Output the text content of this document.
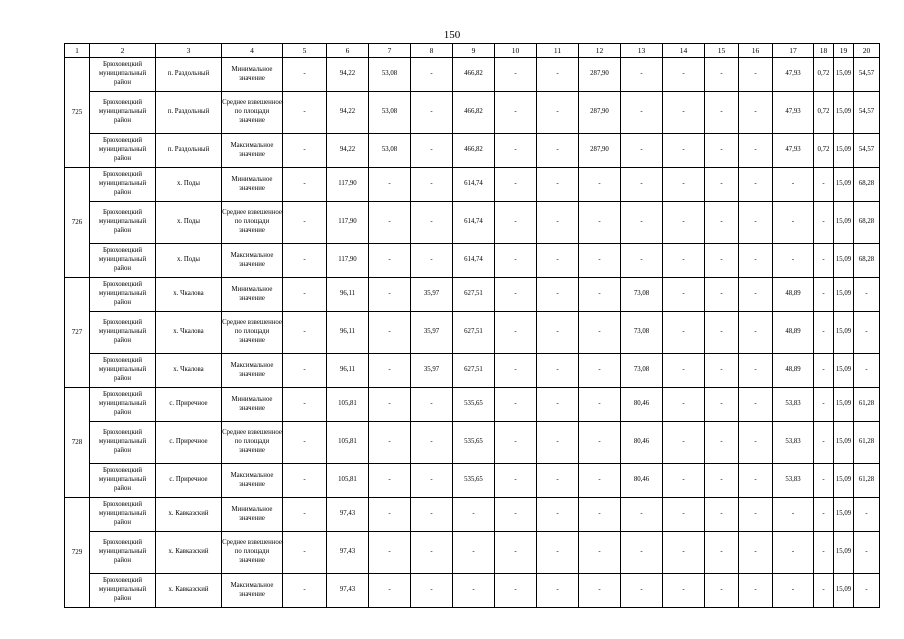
150
1	2	3	4	5	6	7	8	9	10	11	12	13	14	15	16	17	18	19	20
725	Брюховецкий муниципальный район	п. Раздольный	Минимальное значение	-	94,22	53,08	-	466,82	-	-	287,90	-	-	-	-	47,93	0,72	15,09	54,57
	Брюховецкий муниципальный район	п. Раздольный	Среднее взвешенное по площади значение	-	94,22	53,08	-	466,82	-	-	287,90	-	-	-	-	47,93	0,72	15,09	54,57
	Брюховецкий муниципальный район	п. Раздольный	Максимальное значение	-	94,22	53,08	-	466,82	-	-	287,90	-	-	-	-	47,93	0,72	15,09	54,57
726	Брюховецкий муниципальный район	х. Поды	Минимальное значение	-	117,90	-	-	614,74	-	-	-	-	-	-	-	-	-	15,09	68,28
	Брюховецкий муниципальный район	х. Поды	Среднее взвешенное по площади значение	-	117,90	-	-	614,74	-	-	-	-	-	-	-	-	-	15,09	68,28
	Брюховецкий муниципальный район	х. Поды	Максимальное значение	-	117,90	-	-	614,74	-	-	-	-	-	-	-	-	-	15,09	68,28
727	Брюховецкий муниципальный район	х. Чкалова	Минимальное значение	-	96,11	-	35,97	627,51	-	-	-	73,08	-	-	-	48,89	-	15,09	-
	Брюховецкий муниципальный район	х. Чкалова	Среднее взвешенное по площади значение	-	96,11	-	35,97	627,51	-	-	-	73,08	-	-	-	48,89	-	15,09	-
	Брюховецкий муниципальный район	х. Чкалова	Максимальное значение	-	96,11	-	35,97	627,51	-	-	-	73,08	-	-	-	48,89	-	15,09	-
728	Брюховецкий муниципальный район	с. Приречное	Минимальное значение	-	105,81	-	-	535,65	-	-	-	80,46	-	-	-	53,83	-	15,09	61,28
	Брюховецкий муниципальный район	с. Приречное	Среднее взвешенное по площади значение	-	105,81	-	-	535,65	-	-	-	80,46	-	-	-	53,83	-	15,09	61,28
	Брюховецкий муниципальный район	с. Приречное	Максимальное значение	-	105,81	-	-	535,65	-	-	-	80,46	-	-	-	53,83	-	15,09	61,28
729	Брюховецкий муниципальный район	х. Кавказский	Минимальное значение	-	97,43	-	-	-	-	-	-	-	-	-	-	-	-	15,09	-
	Брюховецкий муниципальный район	х. Кавказский	Среднее взвешенное по площади значение	-	97,43	-	-	-	-	-	-	-	-	-	-	-	-	15,09	-
	Брюховецкий муниципальный район	х. Кавказский	Максимальное значение	-	97,43	-	-	-	-	-	-	-	-	-	-	-	-	15,09	-
